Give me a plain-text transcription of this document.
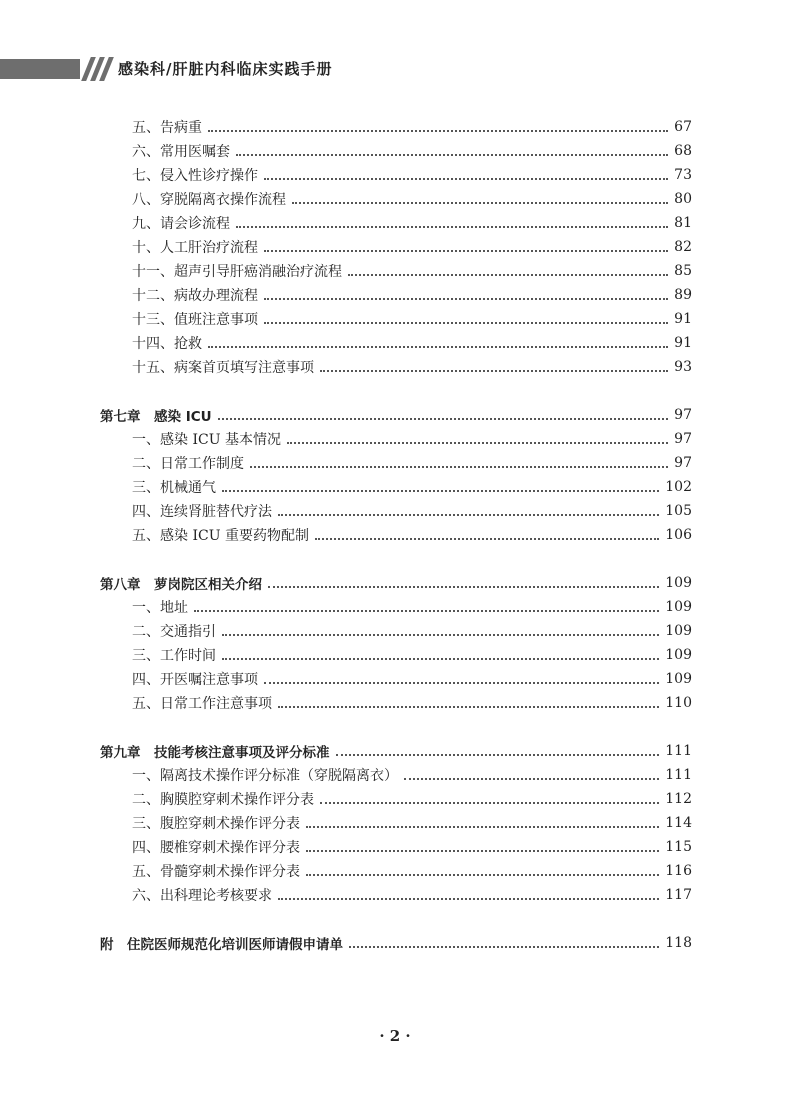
感染科/肝脏内科临床实践手册
五、告病重	67
六、常用医嘱套	68
七、侵入性诊疗操作	73
八、穿脱隔离衣操作流程	80
九、请会诊流程	81
十、人工肝治疗流程	82
十一、超声引导肝癌消融治疗流程	85
十二、病故办理流程	89
十三、值班注意事项	91
十四、抢救	91
十五、病案首页填写注意事项	93
第七章　感染 ICU	97
一、感染 ICU 基本情况	97
二、日常工作制度	97
三、机械通气	102
四、连续肾脏替代疗法	105
五、感染 ICU 重要药物配制	106
第八章　萝岗院区相关介绍	109
一、地址	109
二、交通指引	109
三、工作时间	109
四、开医嘱注意事项	109
五、日常工作注意事项	110
第九章　技能考核注意事项及评分标准	111
一、隔离技术操作评分标准（穿脱隔离衣）	111
二、胸膜腔穿刺术操作评分表	112
三、腹腔穿刺术操作评分表	114
四、腰椎穿刺术操作评分表	115
五、骨髓穿刺术操作评分表	116
六、出科理论考核要求	117
附　住院医师规范化培训医师请假申请单	118
· 2 ·
